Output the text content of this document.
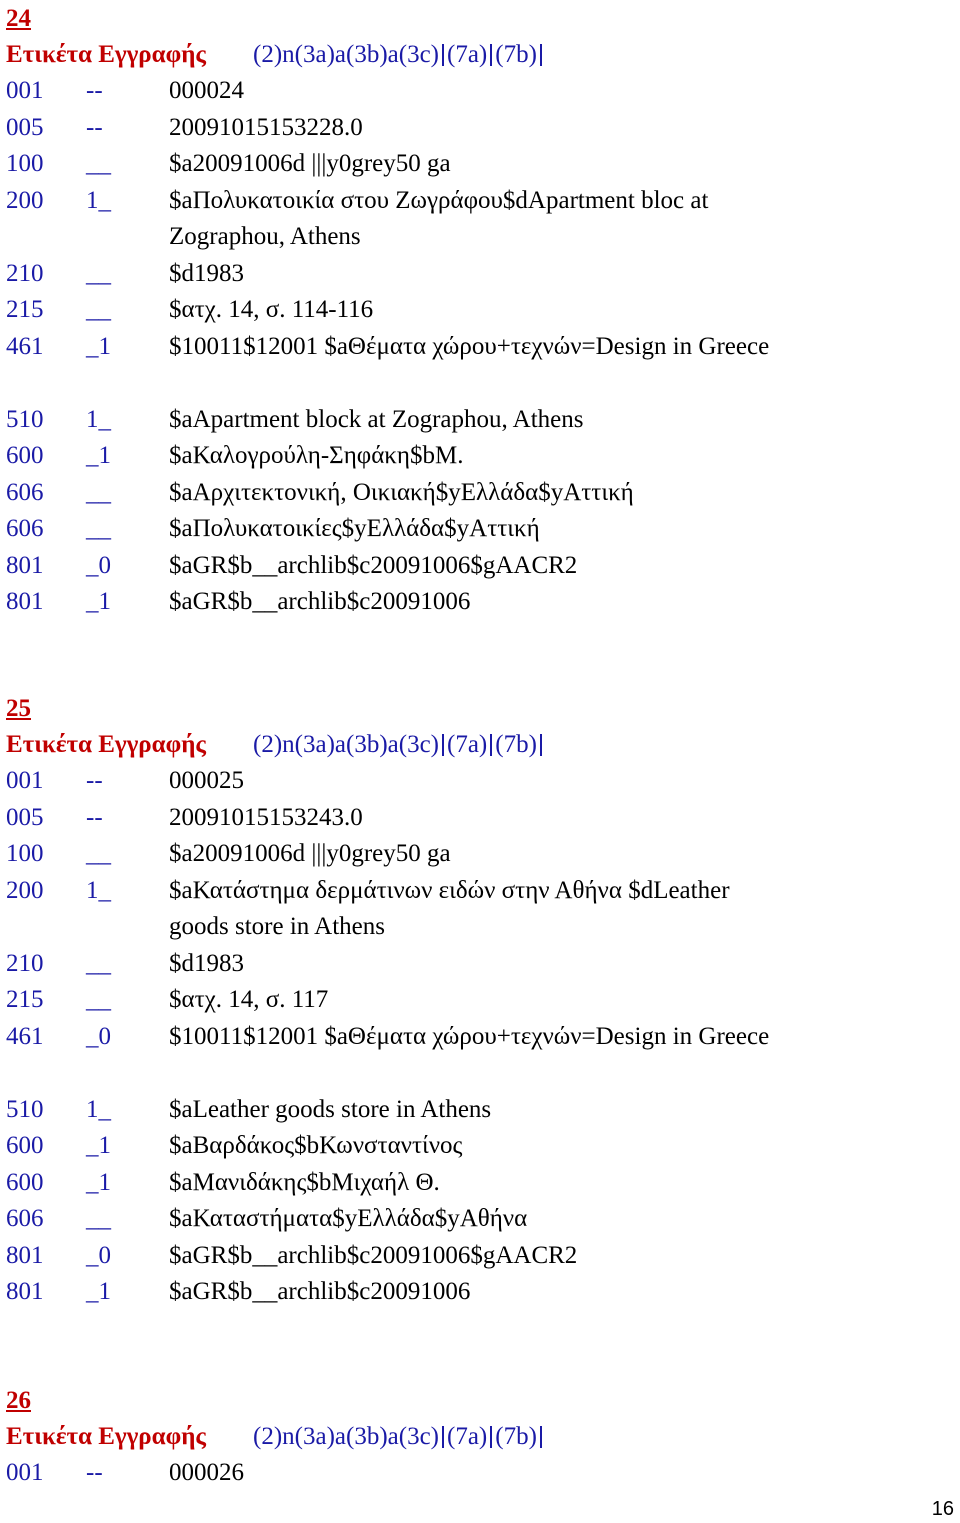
24
Ετικέτα Εγγραφής (2)n(3a)a(3b)a(3c) (7a) (7b)
001 --	000024
005 --	20091015153228.0
100 __ $a20091006d |||y0grey50 ga
200 1_ $aΠολυκατοικία στου Ζωγράφου$dApartment bloc at Zographou, Athens
210 __ $d1983
215 __ $ατχ. 14, σ. 114-116
461 _1 $10011$12001 $aΘέματα χώρου+τεχνών=Design in Greece
510 1_ $aApartment block at Zographou, Athens
600 _1 $aΚαλογρούλη-Σηφάκη$bΜ.
606 __ $aΑρχιτεκτονική, Οικιακή$yΕλλάδα$yΑττική
606 __ $aΠολυκατοικίες$yΕλλάδα$yΑττική
801 _0 $aGR$b__archlib$c20091006$gAACR2
801 _1 $aGR$b__archlib$c20091006
25
Ετικέτα Εγγραφής (2)n(3a)a(3b)a(3c) (7a) (7b)
001 --	000025
005 --	20091015153243.0
100 __ $a20091006d |||y0grey50 ga
200 1_ $aΚατάστημα δερμάτινων ειδών στην Αθήνα $dLeather goods store in Athens
210 __ $d1983
215 __ $ατχ. 14, σ. 117
461 _0 $10011$12001 $aΘέματα χώρου+τεχνών=Design in Greece
510 1_ $aLeather goods store in Athens
600 _1 $aΒαρδάκος$bΚωνσταντίνος
600 _1 $aΜανιδάκης$bΜιχαήλ Θ.
606 __ $aΚαταστήματα$yΕλλάδα$yΑθήνα
801 _0 $aGR$b__archlib$c20091006$gAACR2
801 _1 $aGR$b__archlib$c20091006
26
Ετικέτα Εγγραφής (2)n(3a)a(3b)a(3c) (7a) (7b)
001 --	000026
16
